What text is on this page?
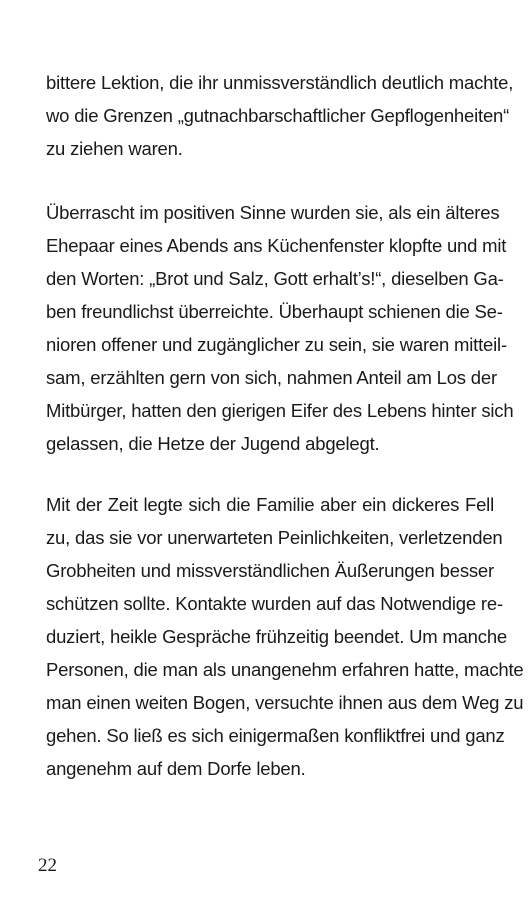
bittere Lektion, die ihr unmissverständlich deutlich machte,
wo die Grenzen „gutnachbarschaftlicher Gepflogenheiten“
zu ziehen waren.
Überrascht im positiven Sinne wurden sie, als ein älteres
Ehepaar eines Abends ans Küchenfenster klopfte und mit
den Worten: „Brot und Salz, Gott erhalt’s!“, dieselben Ga-
ben freundlichst überreichte. Überhaupt schienen die Se-
nioren offener und zugänglicher zu sein, sie waren mitteil-
sam, erzählten gern von sich, nahmen Anteil am Los der
Mitbürger, hatten den gierigen Eifer des Lebens hinter sich
gelassen, die Hetze der Jugend abgelegt.
Mit der Zeit legte sich die Familie aber ein dickeres Fell
zu, das sie vor unerwarteten Peinlichkeiten, verletzenden
Grobheiten und missverständlichen Äußerungen besser
schützen sollte. Kontakte wurden auf das Notwendige re-
duziert, heikle Gespräche frühzeitig beendet. Um manche
Personen, die man als unangenehm erfahren hatte, machte
man einen weiten Bogen, versuchte ihnen aus dem Weg zu
gehen. So ließ es sich einigermaßen konfliktfrei und ganz
angenehm auf dem Dorfe leben.
22
